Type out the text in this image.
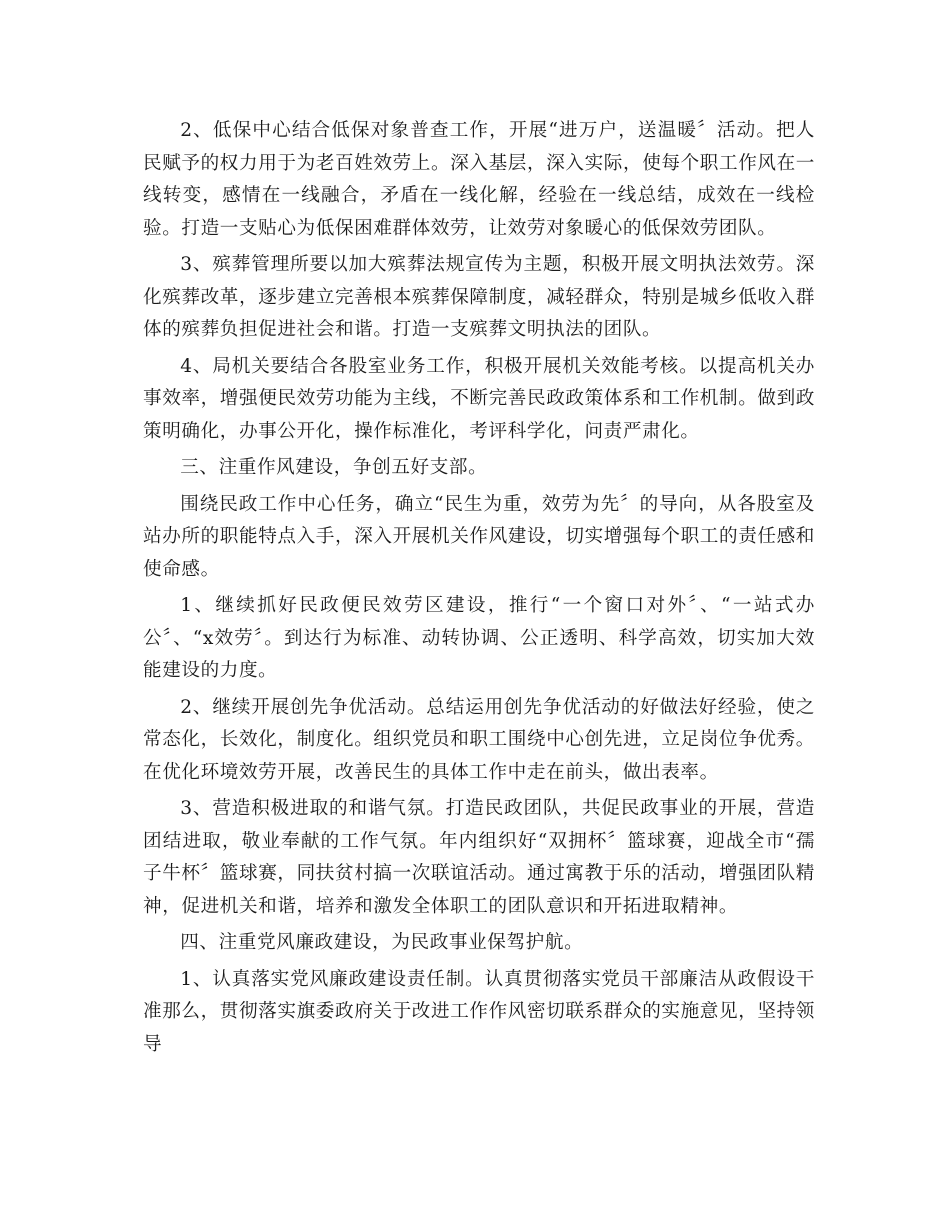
2、低保中心结合低保对象普查工作，开展“进万户，送温暖〞活动。把人民赋予的权力用于为老百姓效劳上。深入基层，深入实际，使每个职工作风在一线转变，感情在一线融合，矛盾在一线化解，经验在一线总结，成效在一线检验。打造一支贴心为低保困难群体效劳，让效劳对象暖心的低保效劳团队。

3、殡葬管理所要以加大殡葬法规宣传为主题，积极开展文明执法效劳。深化殡葬改革，逐步建立完善根本殡葬保障制度，减轻群众，特别是城乡低收入群体的殡葬负担促进社会和谐。打造一支殡葬文明执法的团队。

4、局机关要结合各股室业务工作，积极开展机关效能考核。以提高机关办事效率，增强便民效劳功能为主线，不断完善民政政策体系和工作机制。做到政策明确化，办事公开化，操作标准化，考评科学化，问责严肃化。

三、注重作风建设，争创五好支部。

围绕民政工作中心任务，确立“民生为重，效劳为先〞的导向，从各股室及站办所的职能特点入手，深入开展机关作风建设，切实增强每个职工的责任感和使命感。

1、继续抓好民政便民效劳区建设，推行“一个窗口对外〞、“一站式办公〞、“x效劳〞。到达行为标准、动转协调、公正透明、科学高效，切实加大效能建设的力度。

2、继续开展创先争优活动。总结运用创先争优活动的好做法好经验，使之常态化，长效化，制度化。组织党员和职工围绕中心创先进，立足岗位争优秀。在优化环境效劳开展，改善民生的具体工作中走在前头，做出表率。

3、营造积极进取的和谐气氛。打造民政团队，共促民政事业的开展，营造团结进取，敬业奉献的工作气氛。年内组织好“双拥杯〞篮球赛，迎战全市“孺子牛杯〞篮球赛，同扶贫村搞一次联谊活动。通过寓教于乐的活动，增强团队精神，促进机关和谐，培养和激发全体职工的团队意识和开拓进取精神。

四、注重党风廉政建设，为民政事业保驾护航。

1、认真落实党风廉政建设责任制。认真贯彻落实党员干部廉洁从政假设干准那么，贯彻落实旗委政府关于改进工作作风密切联系群众的实施意见，坚持领导
